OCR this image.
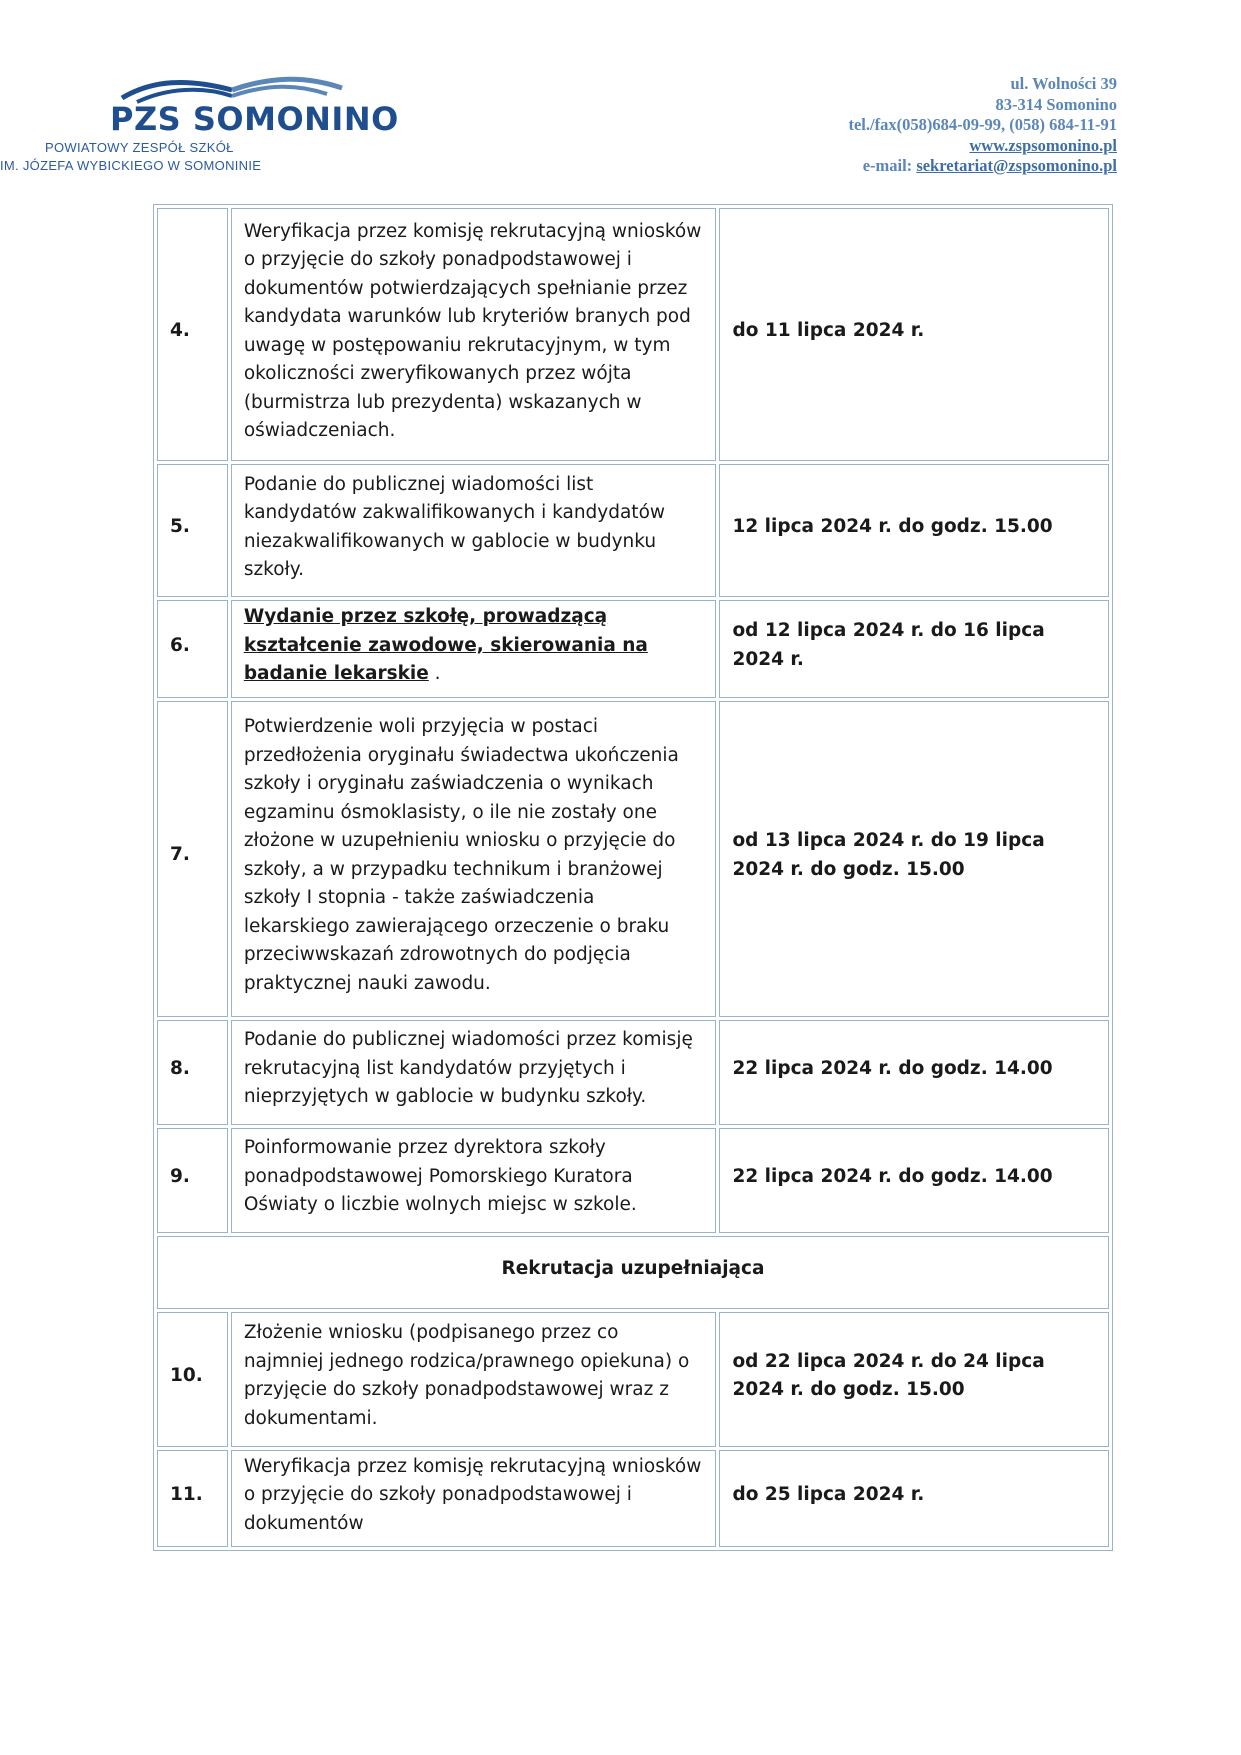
PZS SOMONINO
POWIATOWY ZESPÓŁ SZKÓŁ
IM. JÓZEFA WYBICKIEGO W SOMONINIE
ul. Wolności 39
83-314 Somonino
tel./fax(058)684-09-99, (058) 684-11-91
www.zspsomonino.pl
e-mail: sekretariat@zspsomonino.pl
4.	Weryfikacja przez komisję rekrutacyjną wniosków o przyjęcie do szkoły ponadpodstawowej i dokumentów potwierdzających spełnianie przez kandydata warunków lub kryteriów branych pod uwagę w postępowaniu rekrutacyjnym, w tym okoliczności zweryfikowanych przez wójta (burmistrza lub prezydenta) wskazanych w oświadczeniach.	do 11 lipca 2024 r.
5.	Podanie do publicznej wiadomości list kandydatów zakwalifikowanych i kandydatów niezakwalifikowanych w gablocie w budynku szkoły.	12 lipca 2024 r. do godz. 15.00
6.	Wydanie przez szkołę, prowadzącą kształcenie zawodowe, skierowania na badanie lekarskie .	od 12 lipca 2024 r. do 16 lipca 2024 r.
7.	Potwierdzenie woli przyjęcia w postaci przedłożenia oryginału świadectwa ukończenia szkoły i oryginału zaświadczenia o wynikach egzaminu ósmoklasisty, o ile nie zostały one złożone w uzupełnieniu wniosku o przyjęcie do szkoły, a w przypadku technikum i branżowej szkoły I stopnia - także zaświadczenia lekarskiego zawierającego orzeczenie o braku przeciwwskazań zdrowotnych do podjęcia praktycznej nauki zawodu.	od 13 lipca 2024 r. do 19 lipca 2024 r. do godz. 15.00
8.	Podanie do publicznej wiadomości przez komisję rekrutacyjną list kandydatów przyjętych i nieprzyjętych w gablocie w budynku szkoły.	22 lipca 2024 r. do godz. 14.00
9.	Poinformowanie przez dyrektora szkoły ponadpodstawowej Pomorskiego Kuratora Oświaty o liczbie wolnych miejsc w szkole.	22 lipca 2024 r. do godz. 14.00
Rekrutacja uzupełniająca		
10.	Złożenie wniosku (podpisanego przez co najmniej jednego rodzica/prawnego opiekuna) o przyjęcie do szkoły ponadpodstawowej wraz z dokumentami.	od 22 lipca 2024 r. do 24 lipca 2024 r. do godz. 15.00
11.	Weryfikacja przez komisję rekrutacyjną wniosków o przyjęcie do szkoły ponadpodstawowej i dokumentów	do 25 lipca 2024 r.
